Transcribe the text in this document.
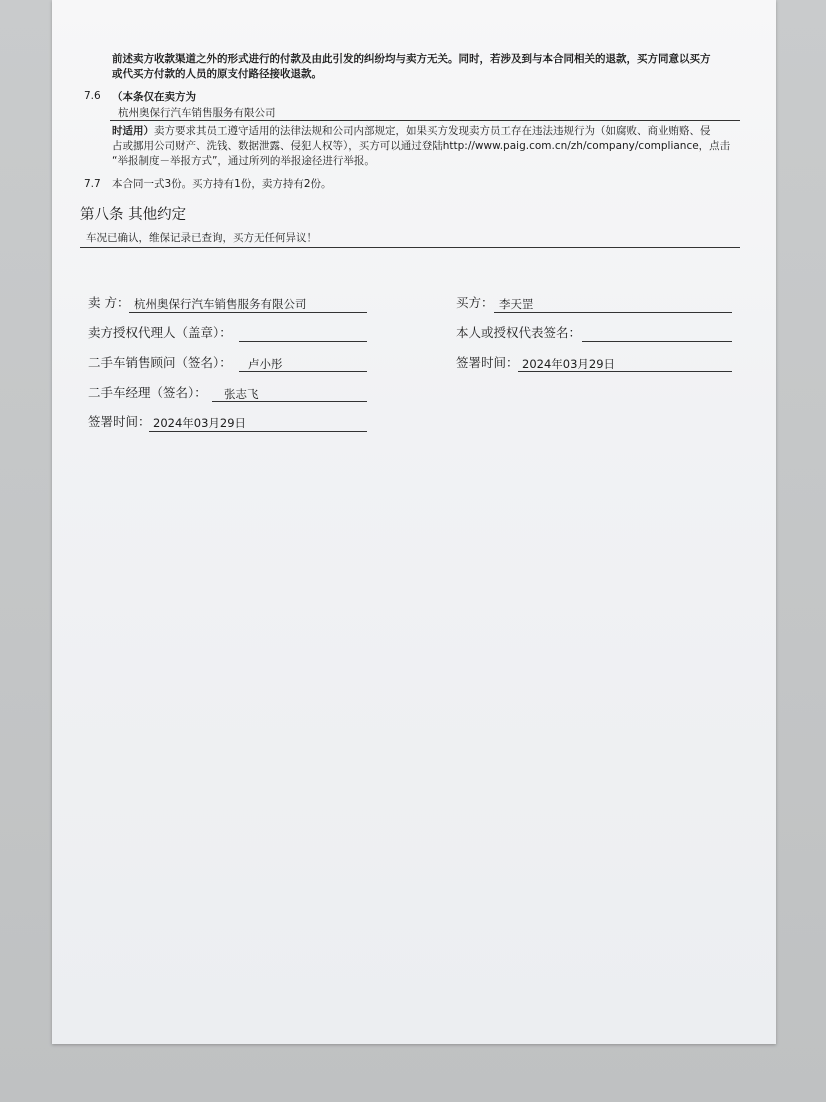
前述卖方收款渠道之外的形式进行的付款及由此引发的纠纷均与卖方无关。同时，若涉及到与本合同相关的退款，买方同意以买方
或代买方付款的人员的原支付路径接收退款。
7.6 （本条仅在卖方为
杭州奥保行汽车销售服务有限公司
时适用）卖方要求其员工遵守适用的法律法规和公司内部规定，如果买方发现卖方员工存在违法违规行为（如腐败、商业贿赂、侵
占或挪用公司财产、洗钱、数据泄露、侵犯人权等），买方可以通过登陆http://www.paig.com.cn/zh/company/compliance，点击
“举报制度－举报方式”，通过所列的举报途径进行举报。
7.7 本合同一式3份。买方持有1份，卖方持有2份。
第八条 其他约定
车况已确认，维保记录已查询，买方无任何异议！
卖 方： 杭州奥保行汽车销售服务有限公司
卖方授权代理人（盖章）：
二手车销售顾问（签名）： 卢小彤
二手车经理（签名）： 张志飞
签署时间： 2024年03月29日
买方： 李天罡
本人或授权代表签名：
签署时间： 2024年03月29日
